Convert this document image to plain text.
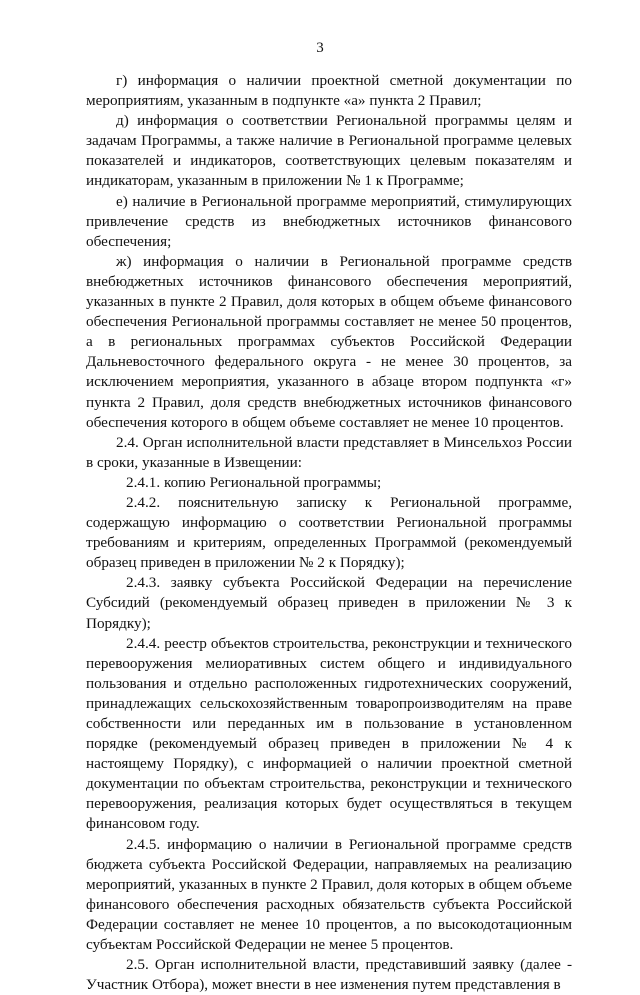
3

г) информация о наличии проектной сметной документации по мероприятиям, указанным в подпункте «а» пункта 2 Правил;

д) информация о соответствии Региональной программы целям и задачам Программы, а также наличие в Региональной программе целевых показателей и индикаторов, соответствующих целевым показателям и индикаторам, указанным в приложении № 1 к Программе;

е) наличие в Региональной программе мероприятий, стимулирующих привлечение средств из внебюджетных источников финансового обеспечения;

ж) информация о наличии в Региональной программе средств внебюджетных источников финансового обеспечения мероприятий, указанных в пункте 2 Правил, доля которых в общем объеме финансового обеспечения Региональной программы составляет не менее 50 процентов, а в региональных программах субъектов Российской Федерации Дальневосточного федерального округа - не менее 30 процентов, за исключением мероприятия, указанного в абзаце втором подпункта «г» пункта 2 Правил, доля средств внебюджетных источников финансового обеспечения которого в общем объеме составляет не менее 10 процентов.

2.4. Орган исполнительной власти представляет в Минсельхоз России в сроки, указанные в Извещении:

2.4.1. копию Региональной программы;

2.4.2. пояснительную записку к Региональной программе, содержащую информацию о соответствии Региональной программы требованиям и критериям, определенных Программой (рекомендуемый образец приведен в приложении № 2 к Порядку);

2.4.3. заявку субъекта Российской Федерации на перечисление Субсидий (рекомендуемый образец приведен в приложении № 3 к Порядку);

2.4.4. реестр объектов строительства, реконструкции и технического перевооружения мелиоративных систем общего и индивидуального пользования и отдельно расположенных гидротехнических сооружений, принадлежащих сельскохозяйственным товаропроизводителям на праве собственности или переданных им в пользование в установленном порядке (рекомендуемый образец приведен в приложении № 4 к настоящему Порядку), с информацией о наличии проектной сметной документации по объектам строительства, реконструкции и технического перевооружения, реализация которых будет осуществляться в текущем финансовом году.

2.4.5. информацию о наличии в Региональной программе средств бюджета субъекта Российской Федерации, направляемых на реализацию мероприятий, указанных в пункте 2 Правил, доля которых в общем объеме финансового обеспечения расходных обязательств субъекта Российской Федерации составляет не менее 10 процентов, а по высокодотационным субъектам Российской Федерации не менее 5 процентов.

2.5. Орган исполнительной власти, представивший заявку (далее - Участник Отбора), может внести в нее изменения путем представления в
